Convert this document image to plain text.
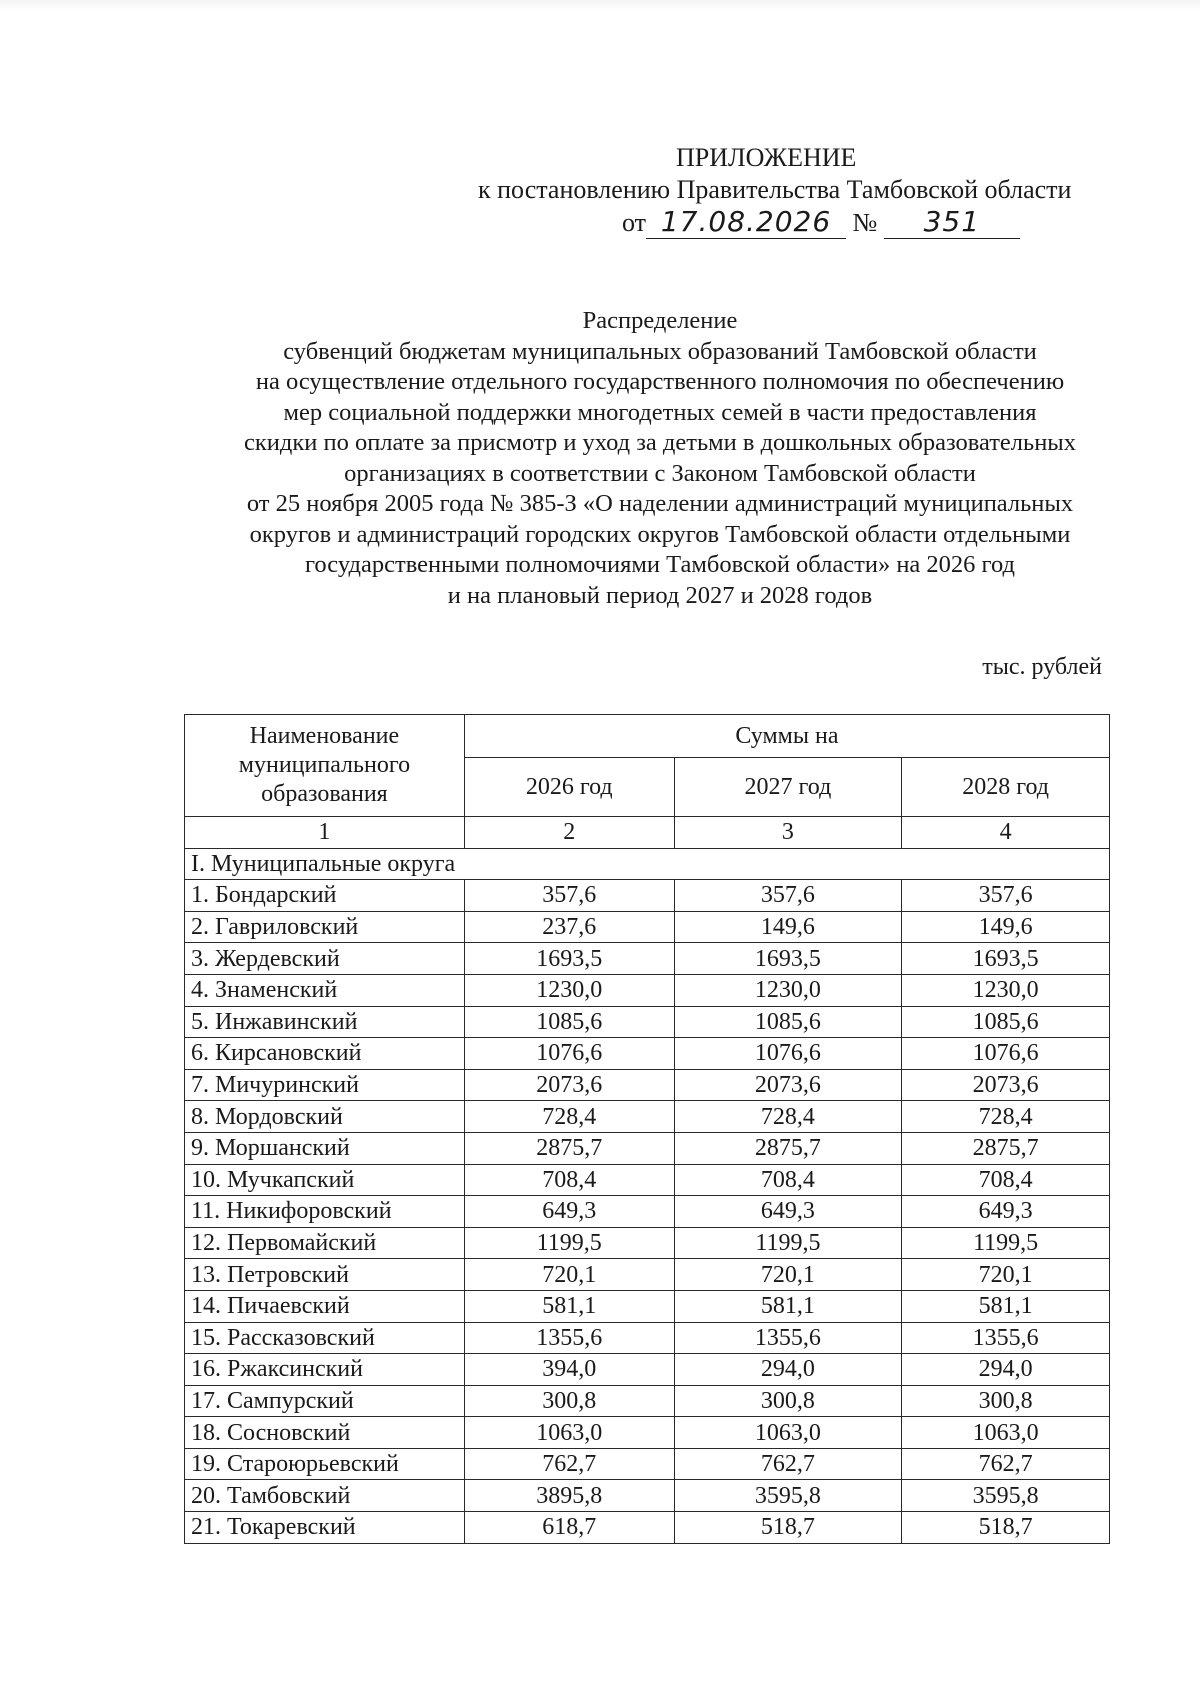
ПРИЛОЖЕНИЕ
к постановлению Правительства Тамбовской области
от 17.08.2026 № 351
Распределение
субвенций бюджетам муниципальных образований Тамбовской области
на осуществление отдельного государственного полномочия по обеспечению
мер социальной поддержки многодетных семей в части предоставления
скидки по оплате за присмотр и уход за детьми в дошкольных образовательных
организациях в соответствии с Законом Тамбовской области
от 25 ноября 2005 года № 385-З «О наделении администраций муниципальных
округов и администраций городских округов Тамбовской области отдельными
государственными полномочиями Тамбовской области» на 2026 год
и на плановый период 2027 и 2028 годов
тыс. рублей
Наименование муниципального образования	Суммы на		
	2026 год	2027 год	2028 год
1	2	3	4
I. Муниципальные округа			
1. Бондарский	357,6	357,6	357,6
2. Гавриловский	237,6	149,6	149,6
3. Жердевский	1693,5	1693,5	1693,5
4. Знаменский	1230,0	1230,0	1230,0
5. Инжавинский	1085,6	1085,6	1085,6
6. Кирсановский	1076,6	1076,6	1076,6
7. Мичуринский	2073,6	2073,6	2073,6
8. Мордовский	728,4	728,4	728,4
9. Моршанский	2875,7	2875,7	2875,7
10. Мучкапский	708,4	708,4	708,4
11. Никифоровский	649,3	649,3	649,3
12. Первомайский	1199,5	1199,5	1199,5
13. Петровский	720,1	720,1	720,1
14. Пичаевский	581,1	581,1	581,1
15. Рассказовский	1355,6	1355,6	1355,6
16. Ржаксинский	394,0	294,0	294,0
17. Сампурский	300,8	300,8	300,8
18. Сосновский	1063,0	1063,0	1063,0
19. Староюрьевский	762,7	762,7	762,7
20. Тамбовский	3895,8	3595,8	3595,8
21. Токаревский	618,7	518,7	518,7
